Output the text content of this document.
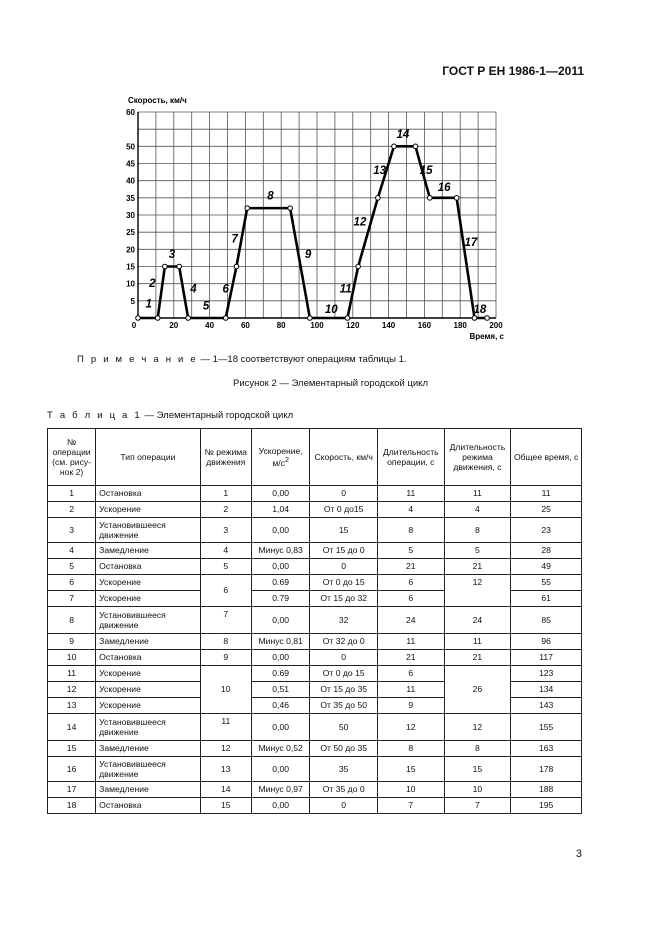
ГОСТ Р ЕН 1986-1—2011
5
10
15
20
25
30
35
40
45
50
60
0	20	40	60	80	100	120	140	160	180	200
Скорость, км/ч
Время, с
1
2
3
4
5
6
7
8
9
10
11
12
13
14
15
16
17
18
П р и м е ч а н и е — 1—18 соответствуют операциям таблицы 1.
Рисунок 2 — Элементарный городской цикл
Т а б л и ц а 1 — Элементарный городской цикл
№ операции (см. рису-нок 2)	Тип операции	№ режима движения	Ускорение, $м/с^2$	Скорость, км/ч	Длительность операции, с	Длительность режима движения, с	Общее время, с
1	Остановка	1	0,00	0	11	11	11
2	Ускорение	2	1,04	От 0 до15	4	4	25
3	Установившееся движение	3	0,00	15	8	8	23
4	Замедление	4	Минус 0,83	От 15 до 0	5	5	28
5	Остановка	5	0,00	0	21	21	49
6	Ускорение	6	0.69	От 0 до 15	6	12	55
7	Ускорение		0.79	От 15 до 32	6		61
8	Установившееся движение	7	0,00	32	24	24	85
9	Замедление	8	Минус 0,81	От 32 до 0	11	11	96
10	Остановка	9	0,00	0	21	21	117
11	Ускорение	10	0.69	От 0 до 15	6	26	123
12	Ускорение		0,51	От 15 до 35	11		134
13	Ускорение		0,46	От 35 до 50	9		143
14	Установившееся движение	11	0,00	50	12	12	155
15	Замедление	12	Минус 0,52	От 50 до 35	8	8	163
16	Установившееся движение	13	0,00	35	15	15	178
17	Замедление	14	Минус 0,97	От 35 до 0	10	10	188
18	Остановка	15	0,00	0	7	7	195
3
